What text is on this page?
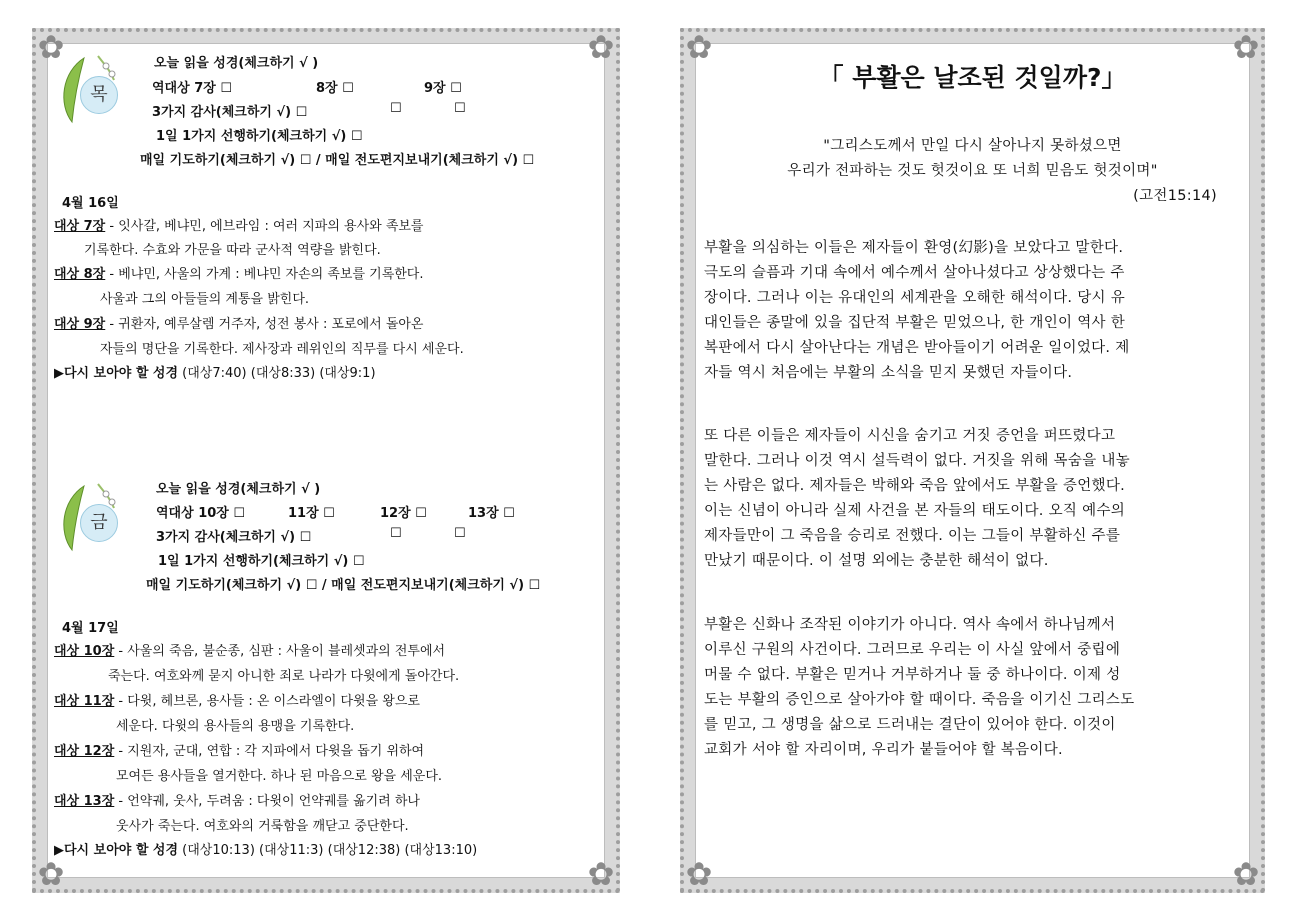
✿	✿
✿	✿
목
오늘 읽을 성경(체크하기 √ )
역대상 7장 ☐	8장 ☐	9장 ☐
3가지 감사(체크하기 √) ☐	☐	☐
1일 1가지 선행하기(체크하기 √) ☐
매일 기도하기(체크하기 √) ☐ / 매일 전도편지보내기(체크하기 √) ☐
4월 16일
대상 7장 - 잇사갈, 베냐민, 에브라임 : 여러 지파의 용사와 족보를
기록한다. 수효와 가문을 따라 군사적 역량을 밝힌다.
대상 8장 - 베냐민, 사울의 가계 : 베냐민 자손의 족보를 기록한다.
사울과 그의 아들들의 계통을 밝힌다.
대상 9장 - 귀환자, 예루살렘 거주자, 성전 봉사 : 포로에서 돌아온
자들의 명단을 기록한다. 제사장과 레위인의 직무를 다시 세운다.
▶다시 보아야 할 성경 (대상7:40) (대상8:33) (대상9:1)
금
오늘 읽을 성경(체크하기 √ )
역대상 10장 ☐	11장 ☐	12장 ☐	13장 ☐
3가지 감사(체크하기 √) ☐	☐	☐
1일 1가지 선행하기(체크하기 √) ☐
매일 기도하기(체크하기 √) ☐ / 매일 전도편지보내기(체크하기 √) ☐
4월 17일
대상 10장 - 사울의 죽음, 불순종, 심판 : 사울이 블레셋과의 전투에서
죽는다. 여호와께 묻지 아니한 죄로 나라가 다윗에게 돌아간다.
대상 11장 - 다윗, 헤브론, 용사들 : 온 이스라엘이 다윗을 왕으로
세운다. 다윗의 용사들의 용맹을 기록한다.
대상 12장 - 지원자, 군대, 연합 : 각 지파에서 다윗을 돕기 위하여
모여든 용사들을 열거한다. 하나 된 마음으로 왕을 세운다.
대상 13장 - 언약궤, 웃사, 두려움 : 다윗이 언약궤를 옮기려 하나
웃사가 죽는다. 여호와의 거룩함을 깨닫고 중단한다.
▶다시 보아야 할 성경 (대상10:13) (대상11:3) (대상12:38) (대상13:10)
✿	✿
✿	✿
「 부활은 날조된 것일까?」
"그리스도께서 만일 다시 살아나지 못하셨으면
우리가 전파하는 것도 헛것이요 또 너희 믿음도 헛것이며"
(고전15:14)
부활을 의심하는 이들은 제자들이 환영(幻影)을 보았다고 말한다.
극도의 슬픔과 기대 속에서 예수께서 살아나셨다고 상상했다는 주
장이다. 그러나 이는 유대인의 세계관을 오해한 해석이다. 당시 유
대인들은 종말에 있을 집단적 부활은 믿었으나, 한 개인이 역사 한
복판에서 다시 살아난다는 개념은 받아들이기 어려운 일이었다. 제
자들 역시 처음에는 부활의 소식을 믿지 못했던 자들이다.
또 다른 이들은 제자들이 시신을 숨기고 거짓 증언을 퍼뜨렸다고
말한다. 그러나 이것 역시 설득력이 없다. 거짓을 위해 목숨을 내놓
는 사람은 없다. 제자들은 박해와 죽음 앞에서도 부활을 증언했다.
이는 신념이 아니라 실제 사건을 본 자들의 태도이다. 오직 예수의
제자들만이 그 죽음을 승리로 전했다. 이는 그들이 부활하신 주를
만났기 때문이다. 이 설명 외에는 충분한 해석이 없다.
부활은 신화나 조작된 이야기가 아니다. 역사 속에서 하나님께서
이루신 구원의 사건이다. 그러므로 우리는 이 사실 앞에서 중립에
머물 수 없다. 부활은 믿거나 거부하거나 둘 중 하나이다. 이제 성
도는 부활의 증인으로 살아가야 할 때이다. 죽음을 이기신 그리스도
를 믿고, 그 생명을 삶으로 드러내는 결단이 있어야 한다. 이것이
교회가 서야 할 자리이며, 우리가 붙들어야 할 복음이다.
